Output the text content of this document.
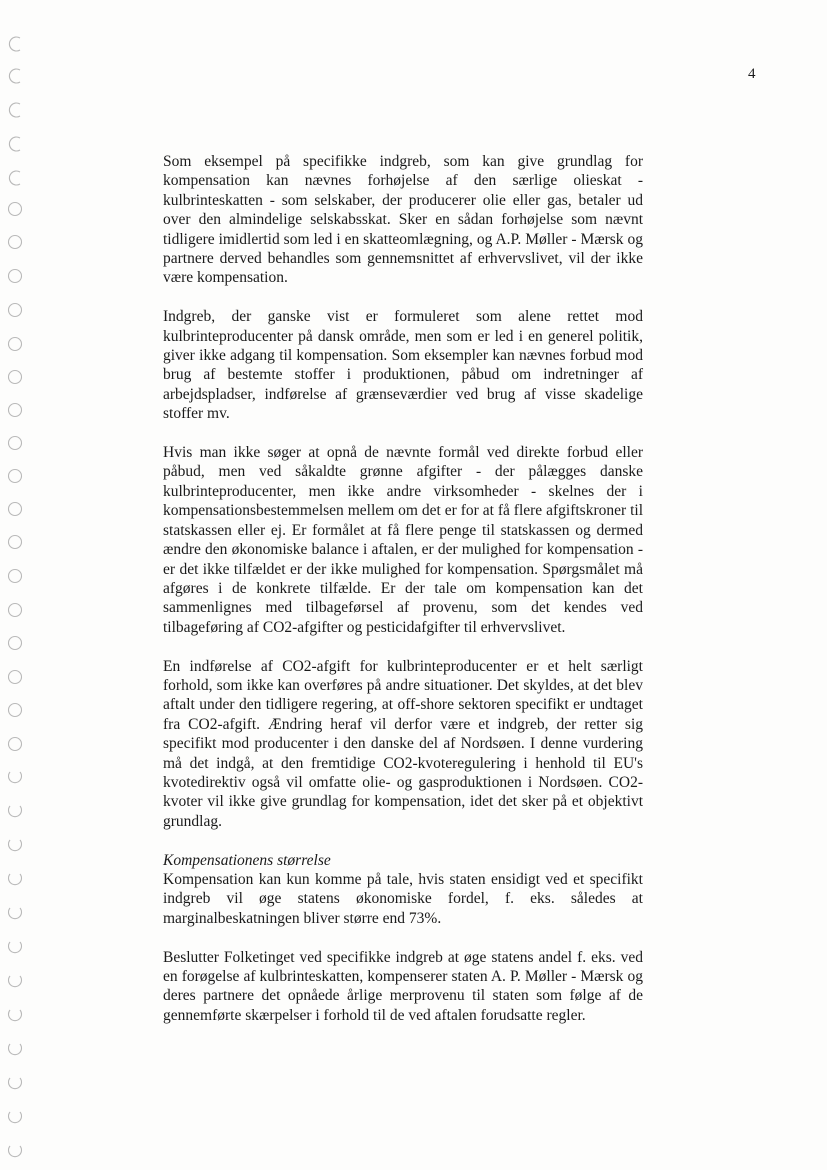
4

Som eksempel på specifikke indgreb, som kan give grundlag for kompensation kan nævnes forhøjelse af den særlige olieskat - kulbrinteskatten - som selskaber, der producerer olie eller gas, betaler ud over den almindelige selskabsskat. Sker en sådan forhøjelse som nævnt tidligere imidlertid som led i en skatteomlægning, og A.P. Møller - Mærsk og partnere derved behandles som gennemsnittet af erhvervslivet, vil der ikke være kompensation.

Indgreb, der ganske vist er formuleret som alene rettet mod kulbrinteproducenter på dansk område, men som er led i en generel politik, giver ikke adgang til kompensation. Som eksempler kan nævnes forbud mod brug af bestemte stoffer i produktionen, påbud om indretninger af arbejdspladser, indførelse af grænseværdier ved brug af visse skadelige stoffer mv.

Hvis man ikke søger at opnå de nævnte formål ved direkte forbud eller påbud, men ved såkaldte grønne afgifter - der pålægges danske kulbrinteproducenter, men ikke andre virksomheder - skelnes der i kompensationsbestemmelsen mellem om det er for at få flere afgiftskroner til statskassen eller ej. Er formålet at få flere penge til statskassen og dermed ændre den økonomiske balance i aftalen, er der mulighed for kompensation - er det ikke tilfældet er der ikke mulighed for kompensation. Spørgsmålet må afgøres i de konkrete tilfælde. Er der tale om kompensation kan det sammenlignes med tilbageførsel af provenu, som det kendes ved tilbageføring af CO2-afgifter og pesticidafgifter til erhvervslivet.

En indførelse af CO2-afgift for kulbrinteproducenter er et helt særligt forhold, som ikke kan overføres på andre situationer. Det skyldes, at det blev aftalt under den tidligere regering, at off-shore sektoren specifikt er undtaget fra CO2-afgift. Ændring heraf vil derfor være et indgreb, der retter sig specifikt mod producenter i den danske del af Nordsøen. I denne vurdering må det indgå, at den fremtidige CO2-kvoteregulering i henhold til EU's kvotedirektiv også vil omfatte olie- og gasproduktionen i Nordsøen. CO2-kvoter vil ikke give grundlag for kompensation, idet det sker på et objektivt grundlag.

Kompensationens størrelse

Kompensation kan kun komme på tale, hvis staten ensidigt ved et specifikt indgreb vil øge statens økonomiske fordel, f. eks. således at marginalbeskatningen bliver større end 73%.

Beslutter Folketinget ved specifikke indgreb at øge statens andel f. eks. ved en forøgelse af kulbrinteskatten, kompenserer staten A. P. Møller - Mærsk og deres partnere det opnåede årlige merprovenu til staten som følge af de gennemførte skærpelser i forhold til de ved aftalen forudsatte regler.
